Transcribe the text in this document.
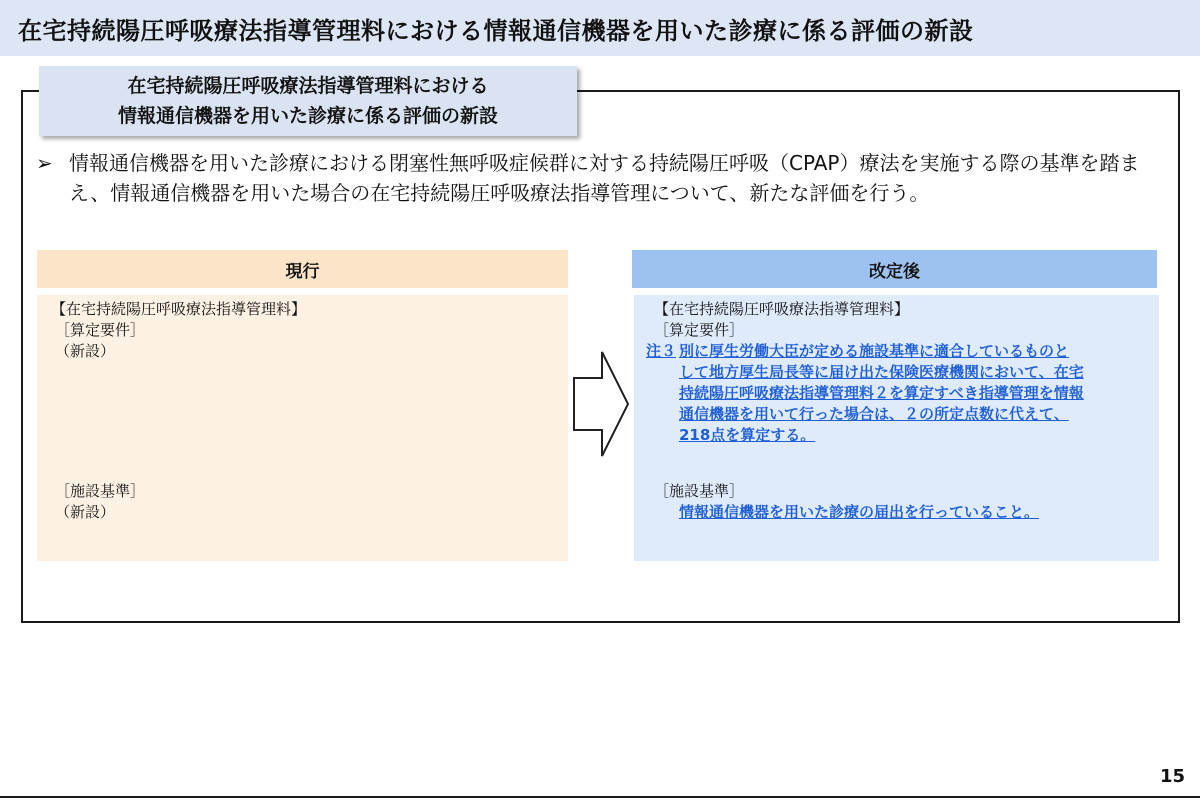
在宅持続陽圧呼吸療法指導管理料における情報通信機器を用いた診療に係る評価の新設
在宅持続陽圧呼吸療法指導管理料における
情報通信機器を用いた診療に係る評価の新設
➢ 情報通信機器を用いた診療における閉塞性無呼吸症候群に対する持続陽圧呼吸（CPAP）療法を実施する際の基準を踏まえ、情報通信機器を用いた場合の在宅持続陽圧呼吸療法指導管理について、新たな評価を行う。
現行	改定後
【在宅持続陽圧呼吸療法指導管理料】
［算定要件］
（新設）
［施設基準］
（新設）
【在宅持続陽圧呼吸療法指導管理料】
［算定要件］
注３ 別に厚生労働大臣が定める施設基準に適合しているものと
して地方厚生局長等に届け出た保険医療機関において、在宅
持続陽圧呼吸療法指導管理料２を算定すべき指導管理を情報
通信機器を用いて行った場合は、２の所定点数に代えて、
218点を算定する。
［施設基準］
情報通信機器を用いた診療の届出を行っていること。
15
